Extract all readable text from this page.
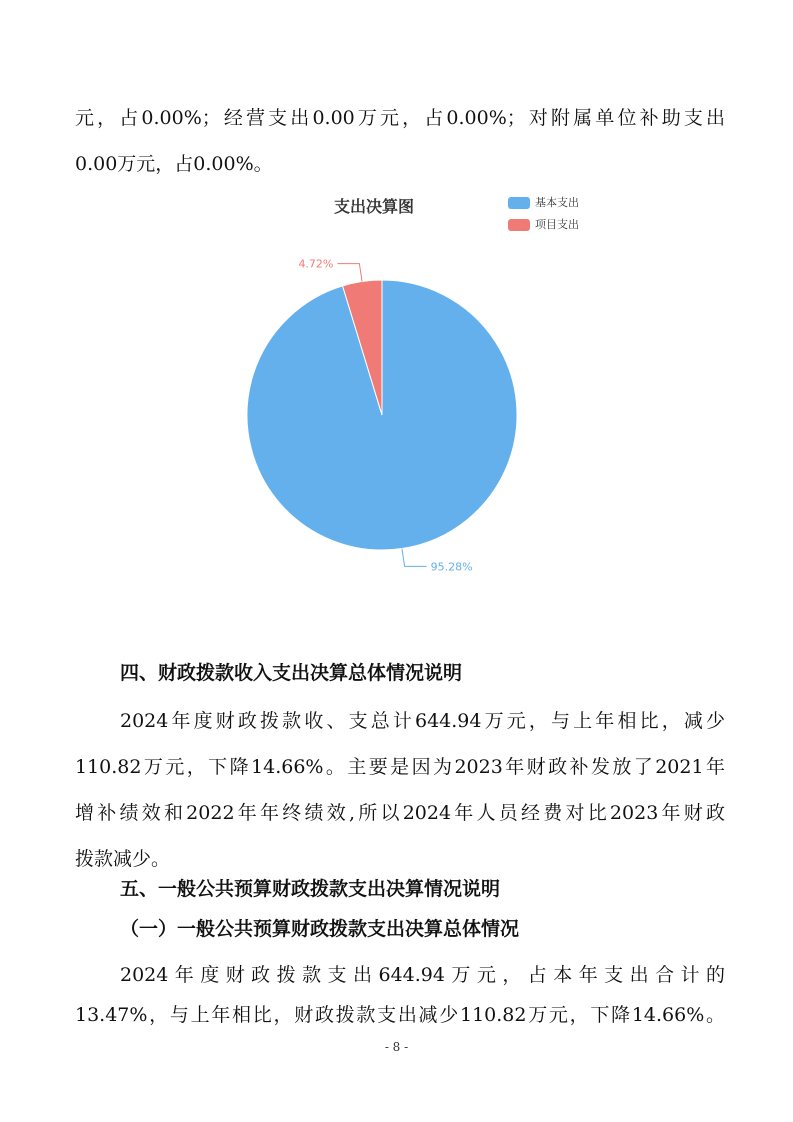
元，占0.00%；经营支出0.00万元，占0.00%；对附属单位补助支出
0.00万元，占0.00%。
支出决算图	基本支出
项目支出
95.28%
4.72%
四、财政拨款收入支出决算总体情况说明
2024年度财政拨款收、支总计644.94万元，与上年相比，减少
110.82万元，下降14.66%。主要是因为2023年财政补发放了2021年
增补绩效和2022年年终绩效,所以2024年人员经费对比2023年财政
拨款减少。
五、一般公共预算财政拨款支出决算情况说明
（一）一般公共预算财政拨款支出决算总体情况
2024年度财政拨款支出644.94万元，占本年支出合计的
13.47%，与上年相比，财政拨款支出减少110.82万元，下降14.66%。
- 8 -
